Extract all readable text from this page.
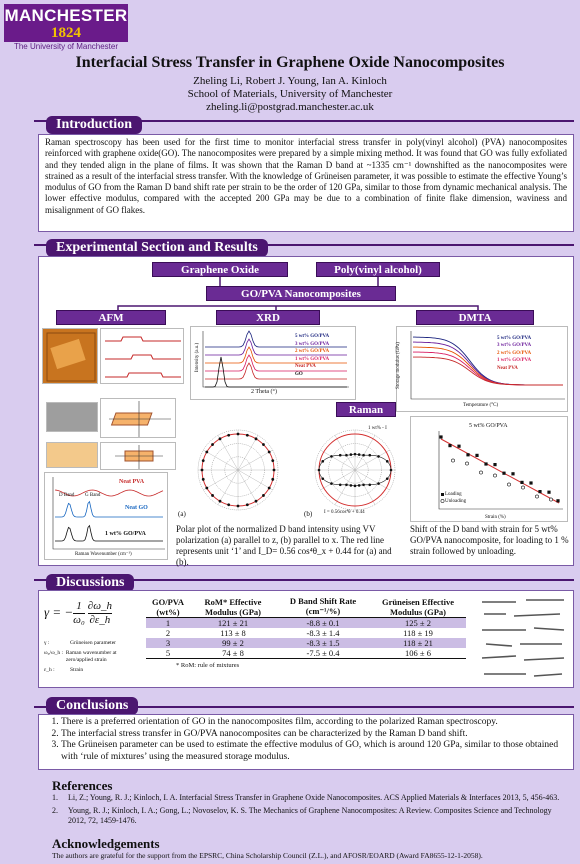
MANCHESTER
1824
The University of Manchester
Interfacial Stress Transfer in Graphene Oxide Nanocomposites
Zheling Li, Robert J. Young, Ian A. Kinloch
School of Materials, University of Manchester
zheling.li@postgrad.manchester.ac.uk
Introduction
Raman spectroscopy has been used for the first time to monitor interfacial stress transfer in poly(vinyl alcohol) (PVA) nanocomposites reinforced with graphene oxide(GO). The nanocomposites were prepared by a simple mixing method. It was found that GO was fully exfoliated and they tended align in the plane of films. It was shown that the Raman D band at ~1335 cm⁻¹ downshifted as the nanocomposites were strained as a result of the interfacial stress transfer. With the knowledge of Grüneisen parameter, it was possible to estimate the effective Young’s modulus of GO from the Raman D band shift rate per strain to be the order of 120 GPa, similar to those from dynamic mechanical analysis. The lower effective modulus, compared with the accepted 200 GPa may be due to a combination of finite flake dimension, waviness and misalignment of GO flakes.
Experimental Section and Results
Graphene Oxide	Poly(vinyl alcohol)
GO/PVA Nanocomposites
AFM	XRD	DMTA
Raman
2 Theta (°)
Intensity (a.u.)
5 wt% GO/PVA
3 wt% GO/PVA
2 wt% GO/PVA
1 wt% GO/PVA
Neat PVA
GO
Temperature (°C)
Storage modulus (GPa)
5 wt% GO/PVA
3 wt% GO/PVA
2 wt% GO/PVA
1 wt% GO/PVA
Neat PVA
Neat PVA
Neat GO
1 wt% GO/PVA
D Band G Band
Raman Wavenumber (cm⁻¹)
(a)	(b)
1 wt% - I
I = 0.56cos⁴θ + 0.44
Polar plot of the normalized D band intensity using VV polarization (a) parallel to z, (b) parallel to x. The red line represents unit ‘1’ and I_D= 0.56 cos⁴θ_x + 0.44 for (a) and (b).
5 wt% GO/PVA
Loading
Unloading
Strain (%)
Shift of the D band with strain for 5 wt% GO/PVA nanocomposite, for loading to 1 % strain followed by unloading.
Discussions
γ = − $\frac{1}{\text{ω₀}} \frac{\partial\omega\_h}{\partial\varepsilon\_h}$
γ :	Grüneisen parameter
ω₀/ω_h : Raman wavenumber at zero/applied strain
ε_h :	Strain
GO/PVA (wt%)	RoM* Effective Modulus (GPa)	D Band Shift Rate (cm⁻¹/%)	Grüneisen Effective Modulus (GPa)
1	121 ± 21	-8.8 ± 0.1	125 ± 2
2	113 ± 8	-8.3 ± 1.4	118 ± 19
3	99 ± 2	-8.3 ± 1.5	118 ± 21
5	74 ± 8	-7.5 ± 0.4	106 ± 6
* RoM: rule of mixtures
Conclusions
1. There is a preferred orientation of GO in the nanocomposites film, according to the polarized Raman spectroscopy.
2. The interfacial stress transfer in GO/PVA nanocomposites can be characterized by the Raman D band shift.
3. The Grüneisen parameter can be used to estimate the effective modulus of GO, which is around 120 GPa, similar to those obtained with ‘rule of mixtures’ using the measured storage modulus.
References
1.	Li, Z.; Young, R. J.; Kinloch, I. A. Interfacial Stress Transfer in Graphene Oxide Nanocomposites. ACS Applied Materials & Interfaces 2013, 5, 456-463.
2.	Young, R. J.; Kinloch, I. A.; Gong, L.; Novoselov, K. S. The Mechanics of Graphene Nanocomposites: A Review. Composites Science and Technology 2012, 72, 1459-1476.
Acknowledgements
The authors are grateful for the support from the EPSRC, China Scholarship Council (Z.L.), and AFOSR/EOARD (Award FA8655-12-1-2058).
